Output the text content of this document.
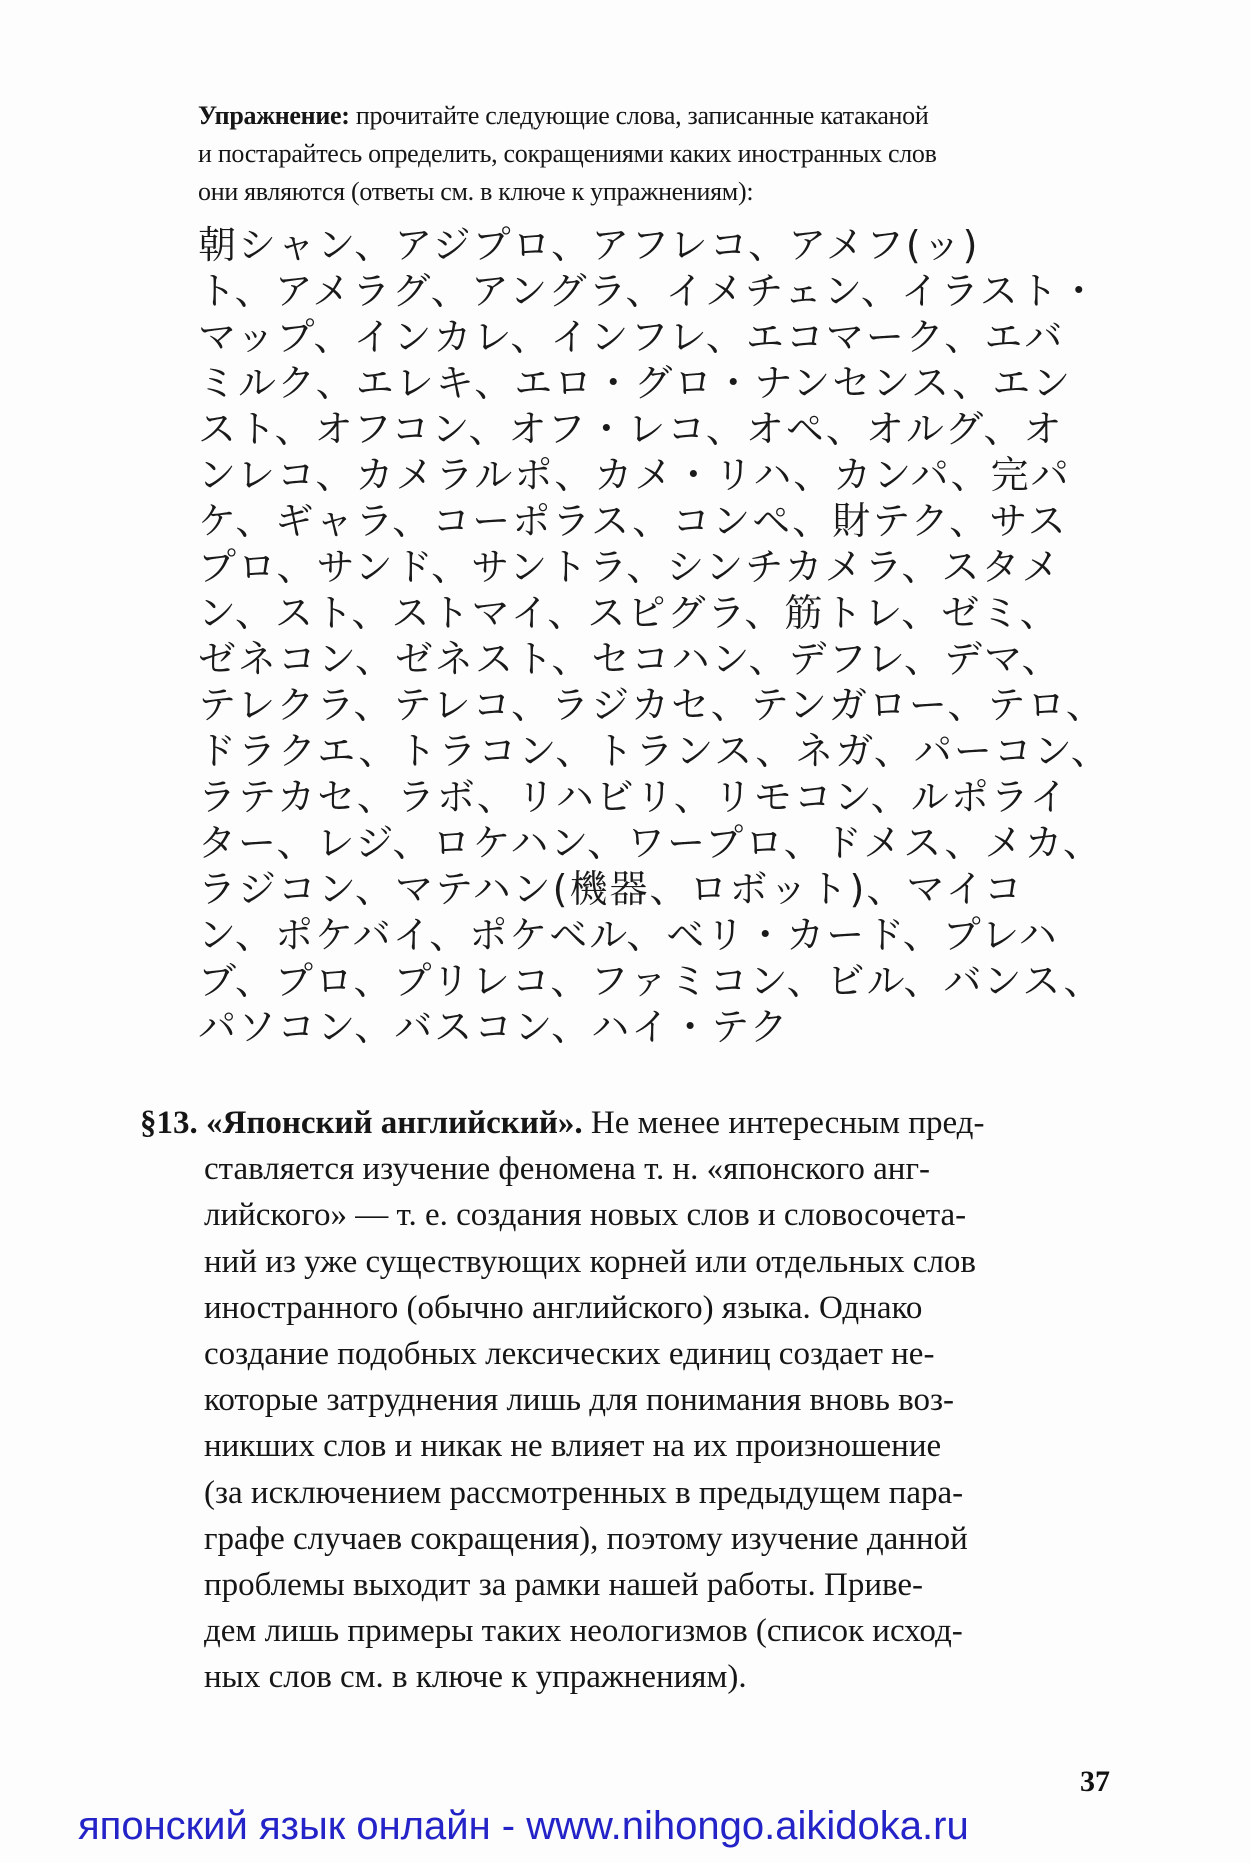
Упражнение: прочитайте следующие слова, записанные катаканой
и постарайтесь определить, сокращениями каких иностранных слов
они являются (ответы см. в ключе к упражнениям):
朝シャン、アジプロ、アフレコ、アメフ(ッ)
ト、アメラグ、アングラ、イメチェン、イラスト・
マップ、インカレ、インフレ、エコマーク、エバ
ミルク、エレキ、エロ・グロ・ナンセンス、エン
スト、オフコン、オフ・レコ、オペ、オルグ、オ
ンレコ、カメラルポ、カメ・リハ、カンパ、完パ
ケ、ギャラ、コーポラス、コンペ、財テク、サス
プロ、サンド、サントラ、シンチカメラ、スタメ
ン、スト、ストマイ、スピグラ、筋トレ、ゼミ、
ゼネコン、ゼネスト、セコハン、デフレ、デマ、
テレクラ、テレコ、ラジカセ、テンガロー、テロ、
ドラクエ、トラコン、トランス、ネガ、パーコン、
ラテカセ、ラボ、リハビリ、リモコン、ルポライ
ター、レジ、ロケハン、ワープロ、ドメス、メカ、
ラジコン、マテハン(機器、ロボット)、マイコ
ン、ポケバイ、ポケベル、ベリ・カード、プレハ
ブ、プロ、プリレコ、ファミコン、ビル、バンス、
パソコン、バスコン、ハイ・テク
§13. «Японский английский». Не менее интересным пред-
ставляется изучение феномена т. н. «японского анг-
лийского» — т. е. создания новых слов и словосочета-
ний из уже существующих корней или отдельных слов
иностранного (обычно английского) языка. Однако
создание подобных лексических единиц создает не-
которые затруднения лишь для понимания вновь воз-
никших слов и никак не влияет на их произношение
(за исключением рассмотренных в предыдущем пара-
графе случаев сокращения), поэтому изучение данной
проблемы выходит за рамки нашей работы. Приве-
дем лишь примеры таких неологизмов (список исход-
ных слов см. в ключе к упражнениям).
37
японский язык онлайн - www.nihongo.aikidoka.ru
